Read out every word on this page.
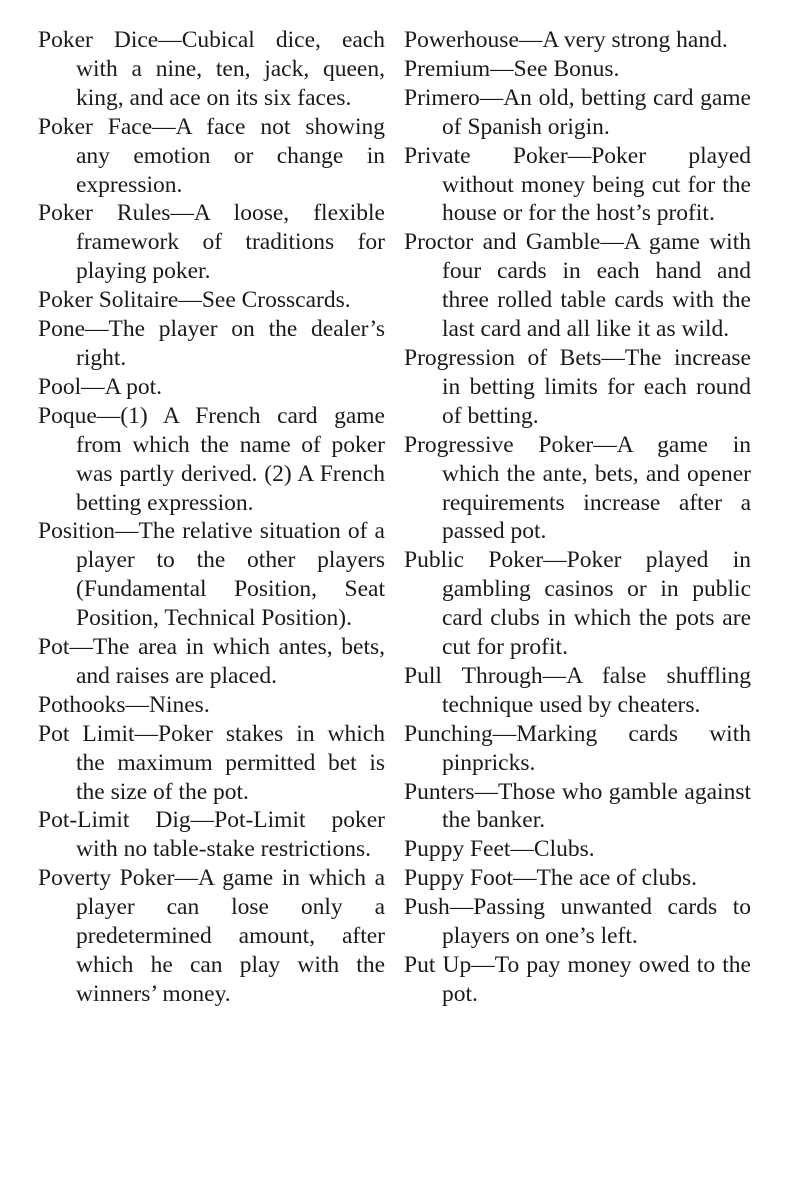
Poker Dice—Cubical dice, each with a nine, ten, jack, queen, king, and ace on its six faces.

Poker Face—A face not showing any emotion or change in expression.

Poker Rules—A loose, flexible framework of traditions for playing poker.

Poker Solitaire—See Crosscards.

Pone—The player on the dealer’s right.

Pool—A pot.

Poque—(1) A French card game from which the name of poker was partly derived. (2) A French betting expression.

Position—The relative situation of a player to the other players (Fundamental Position, Seat Position, Technical Position).

Pot—The area in which antes, bets, and raises are placed.

Pothooks—Nines.

Pot Limit—Poker stakes in which the maximum permitted bet is the size of the pot.

Pot-Limit Dig—Pot-Limit poker with no table-stake restrictions.

Poverty Poker—A game in which a player can lose only a predetermined amount, after which he can play with the winners’ money.

Powerhouse—A very strong hand.

Premium—See Bonus.

Primero—An old, betting card game of Spanish origin.

Private Poker—Poker played without money being cut for the house or for the host’s profit.

Proctor and Gamble—A game with four cards in each hand and three rolled table cards with the last card and all like it as wild.

Progression of Bets—The increase in betting limits for each round of betting.

Progressive Poker—A game in which the ante, bets, and opener requirements increase after a passed pot.

Public Poker—Poker played in gambling casinos or in public card clubs in which the pots are cut for profit.

Pull Through—A false shuffling technique used by cheaters.

Punching—Marking cards with pinpricks.

Punters—Those who gamble against the banker.

Puppy Feet—Clubs.

Puppy Foot—The ace of clubs.

Push—Passing unwanted cards to players on one’s left.

Put Up—To pay money owed to the pot.
